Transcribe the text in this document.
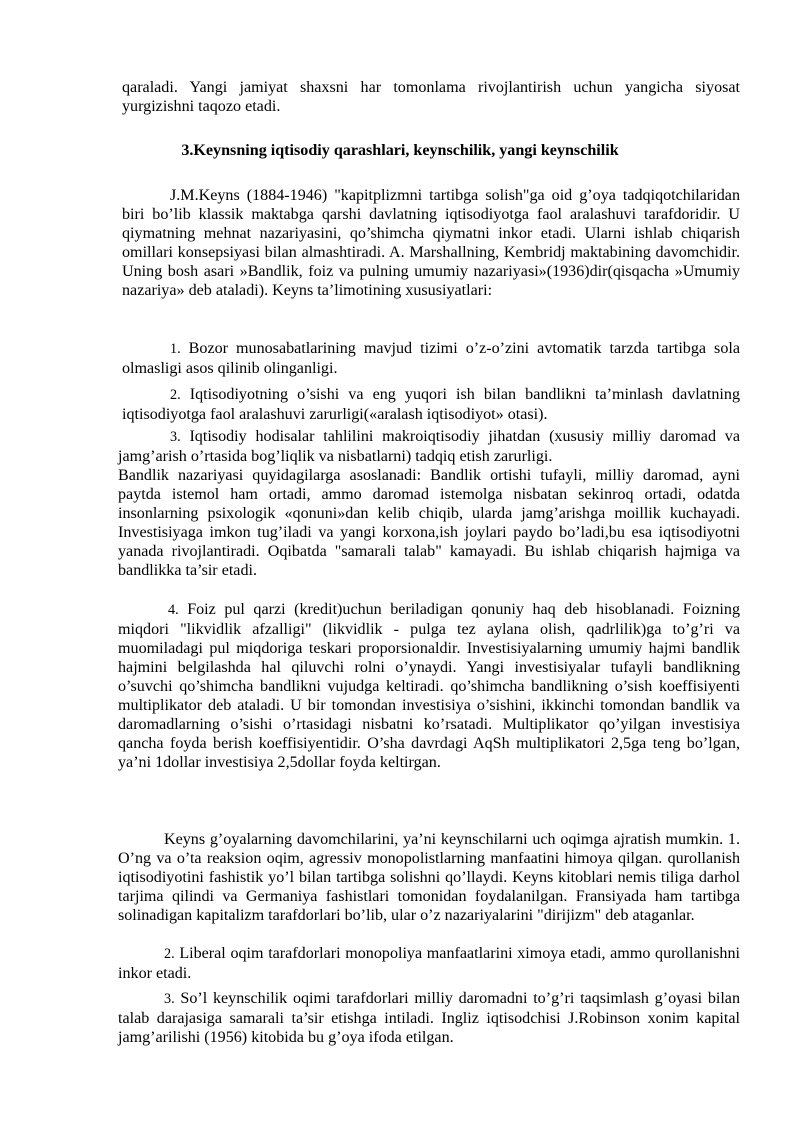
qaraladi. Yangi jamiyat shaxsni har tomonlama rivojlantirish uchun yangicha siyosat yurgizishni taqozo etadi.

3.Keynsning iqtisodiy qarashlari, keynschilik, yangi keynschilik

J.M.Keyns (1884-1946) "kapitplizmni tartibga solish"ga oid g’oya tadqiqotchilaridan biri bo’lib klassik maktabga qarshi davlatning iqtisodiyotga faol aralashuvi tarafdoridir. U qiymatning mehnat nazariyasini, qo’shimcha qiymatni inkor etadi. Ularni ishlab chiqarish omillari konsepsiyasi bilan almashtiradi. A. Marshallning, Kembridj maktabining davomchidir. Uning bosh asari »Bandlik, foiz va pulning umumiy nazariyasi»(1936)dir(qisqacha »Umumiy nazariya» deb ataladi). Keyns ta’limotining xususiyatlari:

1. Bozor munosabatlarining mavjud tizimi o’z-o’zini avtomatik tarzda tartibga sola olmasligi asos qilinib olinganligi.

2. Iqtisodiyotning o’sishi va eng yuqori ish bilan bandlikni ta’minlash davlatning iqtisodiyotga faol aralashuvi zarurligi(«aralash iqtisodiyot» otasi).

3. Iqtisodiy hodisalar tahlilini makroiqtisodiy jihatdan (xususiy milliy daromad va jamg’arish o’rtasida bog’liqlik va nisbatlarni) tadqiq etish zarurligi.

Bandlik nazariyasi quyidagilarga asoslanadi: Bandlik ortishi tufayli, milliy daromad, ayni paytda istemol ham ortadi, ammo daromad istemolga nisbatan sekinroq ortadi, odatda insonlarning psixologik «qonuni»dan kelib chiqib, ularda jamg’arishga moillik kuchayadi. Investisiyaga imkon tug’iladi va yangi korxona,ish joylari paydo bo’ladi,bu esa iqtisodiyotni yanada rivojlantiradi. Oqibatda "samarali talab" kamayadi. Bu ishlab chiqarish hajmiga va bandlikka ta’sir etadi.

4. Foiz pul qarzi (kredit)uchun beriladigan qonuniy haq deb hisoblanadi. Foizning miqdori "likvidlik afzalligi" (likvidlik - pulga tez aylana olish, qadrlilik)ga to’g’ri va muomiladagi pul miqdoriga teskari proporsionaldir. Investisiyalarning umumiy hajmi bandlik hajmini belgilashda hal qiluvchi rolni o’ynaydi. Yangi investisiyalar tufayli bandlikning o’suvchi qo’shimcha bandlikni vujudga keltiradi. qo’shimcha bandlikning o’sish koeffisiyenti multiplikator deb ataladi. U bir tomondan investisiya o’sishini, ikkinchi tomondan bandlik va daromadlarning o’sishi o’rtasidagi nisbatni ko’rsatadi. Multiplikator qo’yilgan investisiya qancha foyda berish koeffisiyentidir. O’sha davrdagi AqSh multiplikatori 2,5ga teng bo’lgan, ya’ni 1dollar investisiya 2,5dollar foyda keltirgan.

Keyns g’oyalarning davomchilarini, ya’ni keynschilarni uch oqimga ajratish mumkin. 1. O’ng va o’ta reaksion oqim, agressiv monopolistlarning manfaatini himoya qilgan. qurollanish iqtisodiyotini fashistik yo’l bilan tartibga solishni qo’llaydi. Keyns kitoblari nemis tiliga darhol tarjima qilindi va Germaniya fashistlari tomonidan foydalanilgan. Fransiyada ham tartibga solinadigan kapitalizm tarafdorlari bo’lib, ular o’z nazariyalarini "dirijizm" deb ataganlar.

2. Liberal oqim tarafdorlari monopoliya manfaatlarini ximoya etadi, ammo qurollanishni inkor etadi.

3. So’l keynschilik oqimi tarafdorlari milliy daromadni to’g’ri taqsimlash g’oyasi bilan talab darajasiga samarali ta’sir etishga intiladi. Ingliz iqtisodchisi J.Robinson xonim kapital jamg’arilishi (1956) kitobida bu g’oya ifoda etilgan.
